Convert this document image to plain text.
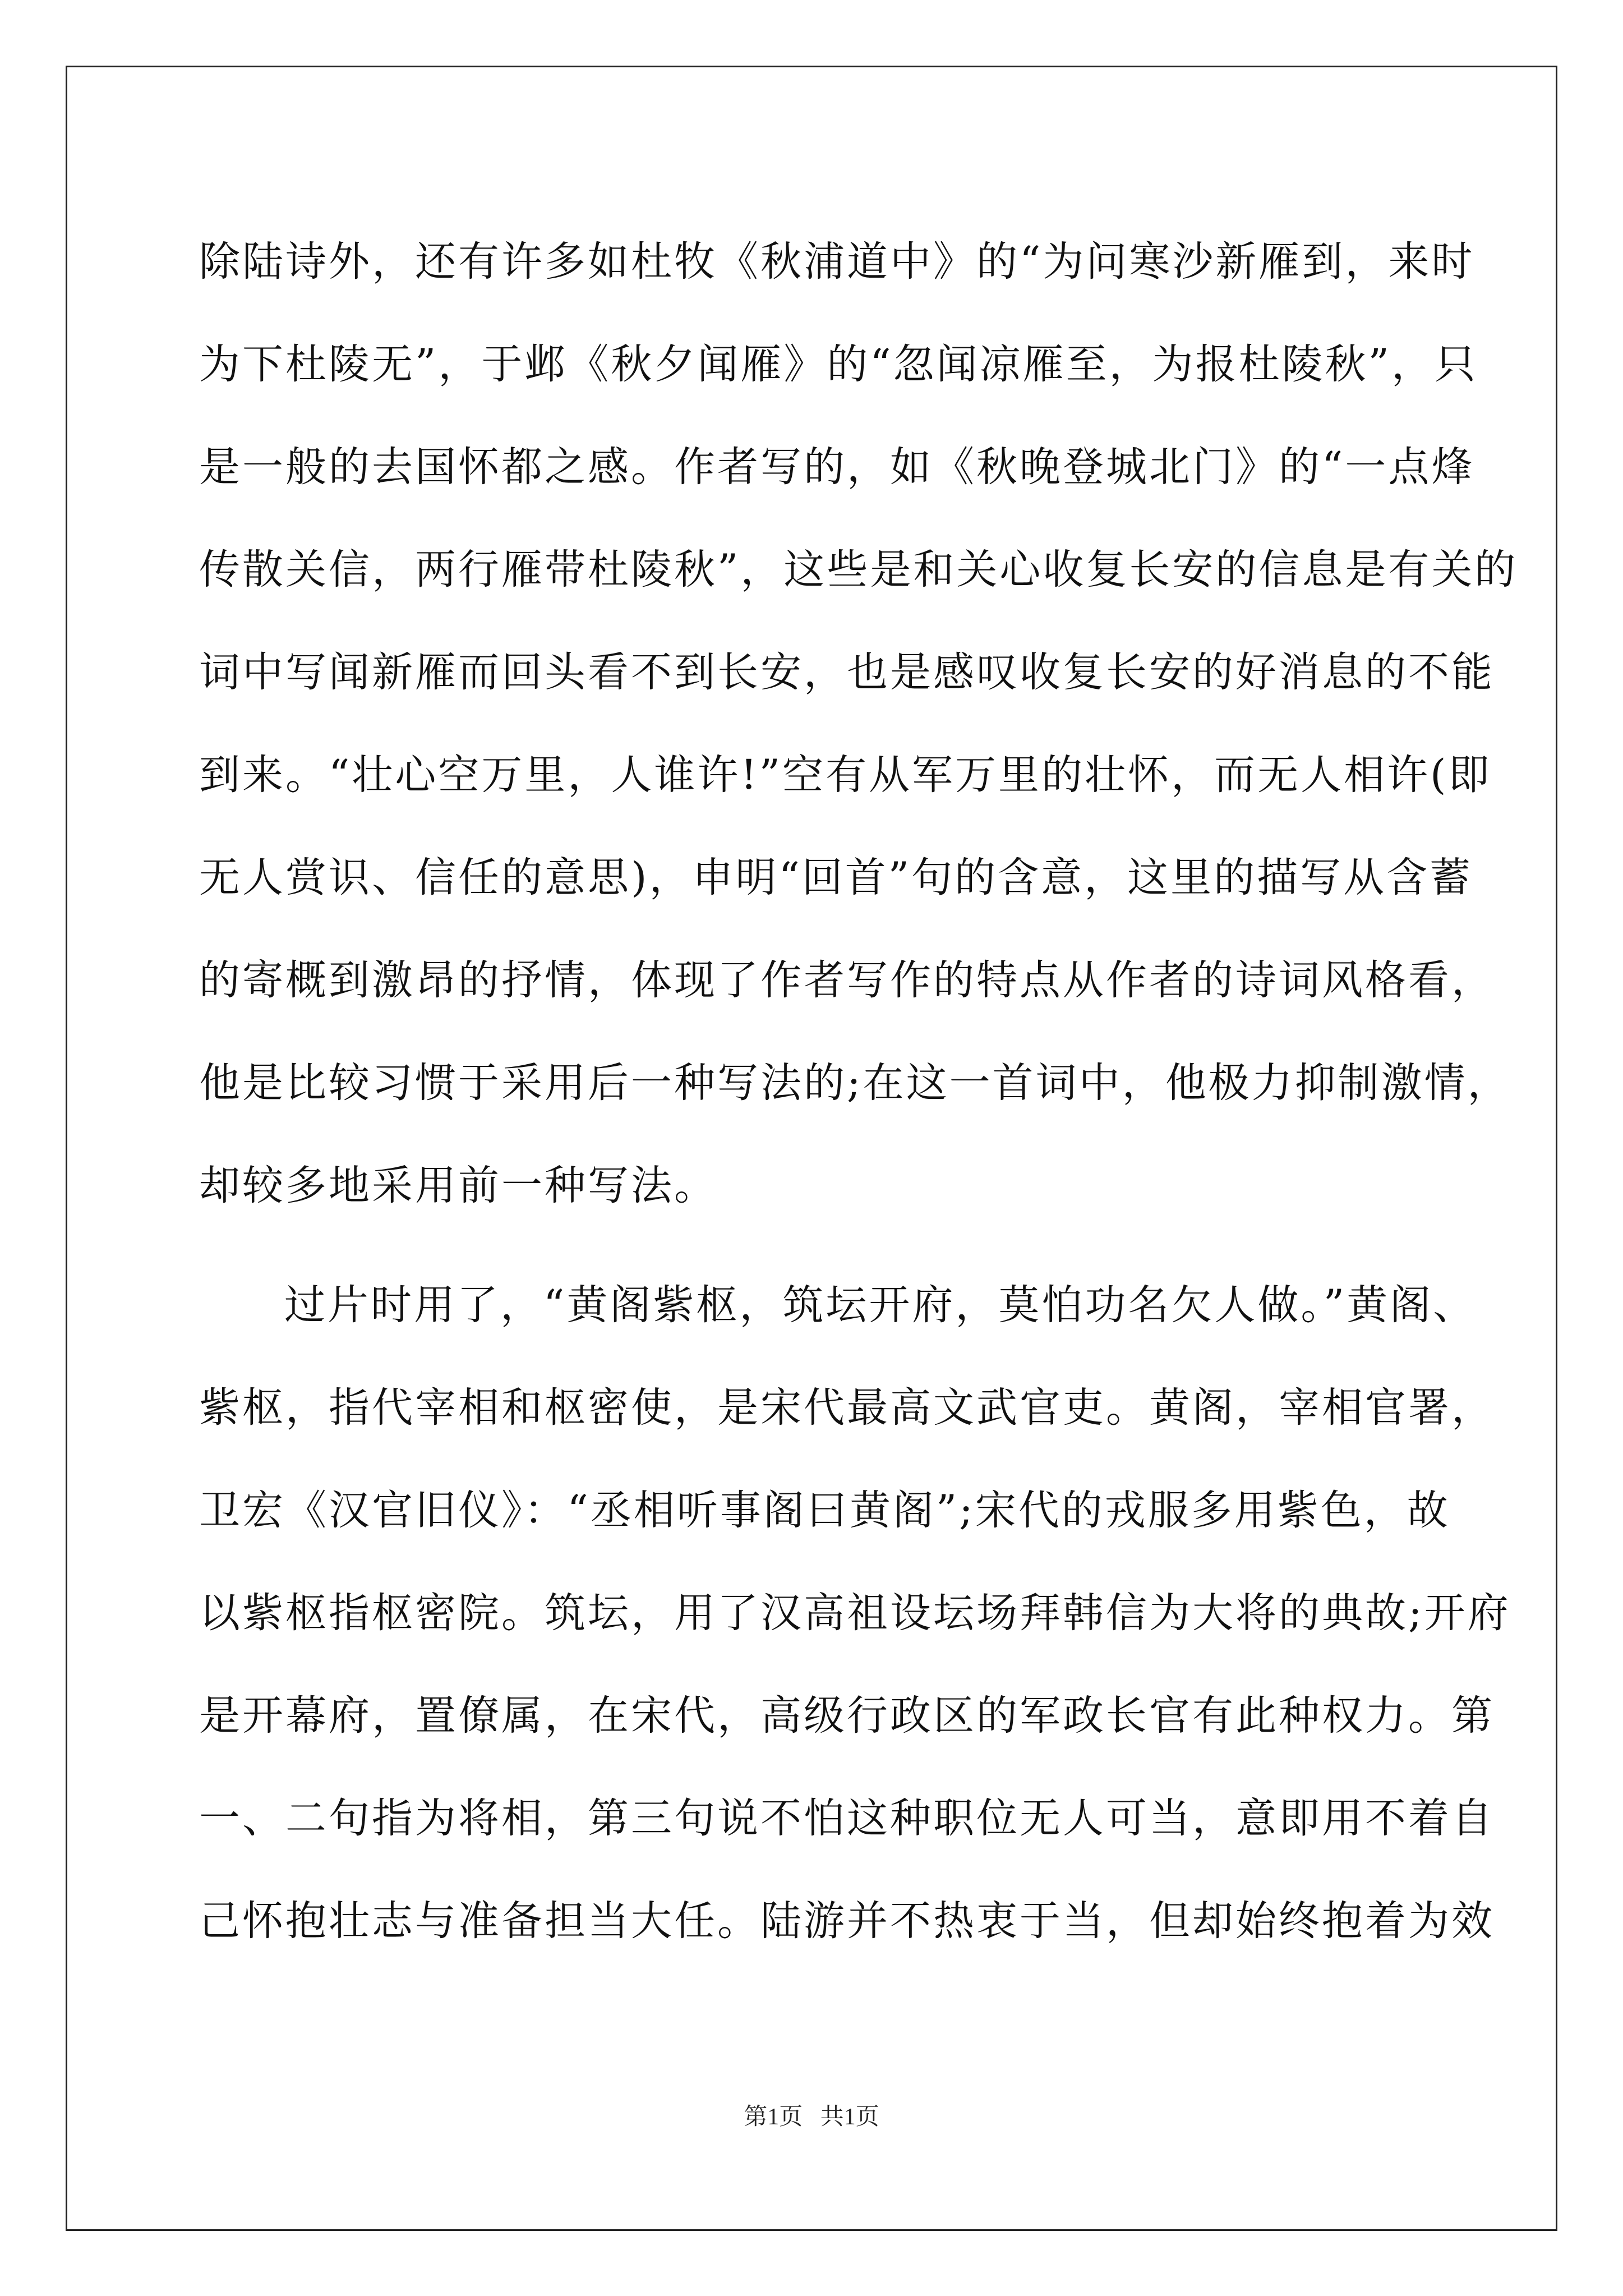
除陆诗外，还有许多如杜牧《秋浦道中》的“为问寒沙新雁到，来时
为下杜陵无”，于邺《秋夕闻雁》的“忽闻凉雁至，为报杜陵秋”，只
是一般的去国怀都之感。作者写的，如《秋晚登城北门》的“一点烽
传散关信，两行雁带杜陵秋”，这些是和关心收复长安的信息是有关的
词中写闻新雁而回头看不到长安，也是感叹收复长安的好消息的不能
到来。“壮心空万里，人谁许!”空有从军万里的壮怀，而无人相许(即
无人赏识、信任的意思)，申明“回首”句的含意，这里的描写从含蓄
的寄概到激昂的抒情，体现了作者写作的特点从作者的诗词风格看，
他是比较习惯于采用后一种写法的;在这一首词中，他极力抑制激情，
却较多地采用前一种写法。
过片时用了，“黄阁紫枢，筑坛开府，莫怕功名欠人做。”黄阁、
紫枢，指代宰相和枢密使，是宋代最高文武官吏。黄阁，宰相官署，
卫宏《汉官旧仪》：“丞相听事阁曰黄阁”;宋代的戎服多用紫色，故
以紫枢指枢密院。筑坛，用了汉高祖设坛场拜韩信为大将的典故;开府
是开幕府，置僚属，在宋代，高级行政区的军政长官有此种权力。第
一、二句指为将相，第三句说不怕这种职位无人可当，意即用不着自
己怀抱壮志与准备担当大任。陆游并不热衷于当，但却始终抱着为效
第1页   共1页
